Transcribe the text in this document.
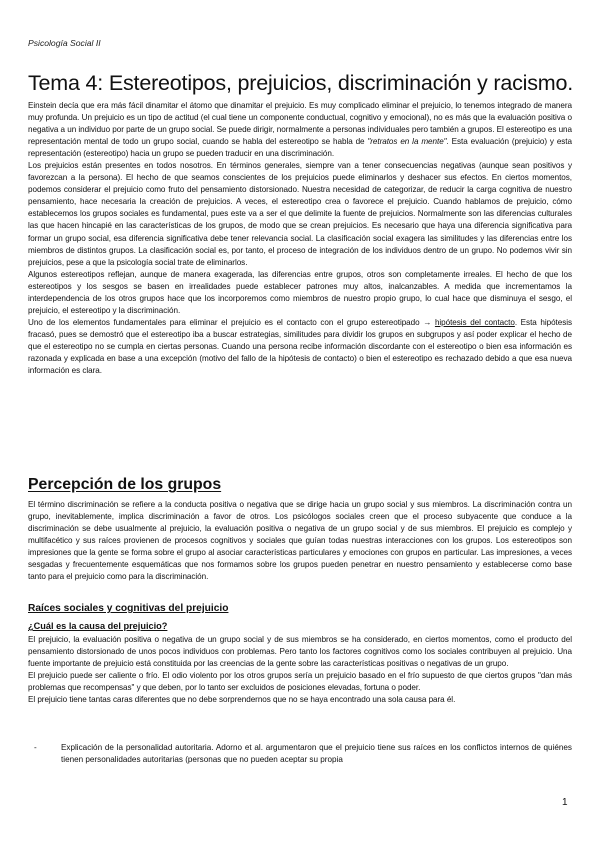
Psicología Social II
Tema 4: Estereotipos, prejuicios, discriminación y racismo.

Einstein decía que era más fácil dinamitar el átomo que dinamitar el prejuicio. Es muy complicado eliminar el prejuicio, lo tenemos integrado de manera muy profunda. Un prejuicio es un tipo de actitud (el cual tiene un componente conductual, cognitivo y emocional), no es más que la evaluación positiva o negativa a un individuo por parte de un grupo social. Se puede dirigir, normalmente a personas individuales pero también a grupos. El estereotipo es una representación mental de todo un grupo social, cuando se habla del estereotipo se habla de "retratos en la mente". Esta evaluación (prejuicio) y esta representación (estereotipo) hacia un grupo se pueden traducir en una discriminación.

Los prejuicios están presentes en todos nosotros. En términos generales, siempre van a tener consecuencias negativas (aunque sean positivos y favorezcan a la persona). El hecho de que seamos conscientes de los prejuicios puede eliminarlos y deshacer sus efectos. En ciertos momentos, podemos considerar el prejuicio como fruto del pensamiento distorsionado. Nuestra necesidad de categorizar, de reducir la carga cognitiva de nuestro pensamiento, hace necesaria la creación de prejuicios. A veces, el estereotipo crea o favorece el prejuicio. Cuando hablamos de prejuicio, cómo establecemos los grupos sociales es fundamental, pues este va a ser el que delimite la fuente de prejuicios. Normalmente son las diferencias culturales las que hacen hincapié en las características de los grupos, de modo que se crean prejuicios. Es necesario que haya una diferencia significativa para formar un grupo social, esa diferencia significativa debe tener relevancia social. La clasificación social exagera las similitudes y las diferencias entre los miembros de distintos grupos. La clasificación social es, por tanto, el proceso de integración de los individuos dentro de un grupo. No podemos vivir sin prejuicios, pese a que la psicología social trate de eliminarlos.

Algunos estereotipos reflejan, aunque de manera exagerada, las diferencias entre grupos, otros son completamente irreales. El hecho de que los estereotipos y los sesgos se basen en irrealidades puede establecer patrones muy altos, inalcanzables. A medida que incrementamos la interdependencia de los otros grupos hace que los incorporemos como miembros de nuestro propio grupo, lo cual hace que disminuya el sesgo, el prejuicio, el estereotipo y la discriminación.

Uno de los elementos fundamentales para eliminar el prejuicio es el contacto con el grupo estereotipado → hipótesis del contacto. Esta hipótesis fracasó, pues se demostró que el estereotipo iba a buscar estrategias, similitudes para dividir los grupos en subgrupos y así poder explicar el hecho de que el estereotipo no se cumpla en ciertas personas. Cuando una persona recibe información discordante con el estereotipo o bien esa información es razonada y explicada en base a una excepción (motivo del fallo de la hipótesis de contacto) o bien el estereotipo es rechazado debido a que esa nueva información es clara.

Percepción de los grupos
El término discriminación se refiere a la conducta positiva o negativa que se dirige hacia un grupo social y sus miembros. La discriminación contra un grupo, inevitablemente, implica discriminación a favor de otros. Los psicólogos sociales creen que el proceso subyacente que conduce a la discriminación se debe usualmente al prejuicio, la evaluación positiva o negativa de un grupo social y de sus miembros. El prejuicio es complejo y multifacético y sus raíces provienen de procesos cognitivos y sociales que guían todas nuestras interacciones con los grupos. Los estereotipos son impresiones que la gente se forma sobre el grupo al asociar características particulares y emociones con grupos en particular. Las impresiones, a veces sesgadas y frecuentemente esquemáticas que nos formamos sobre los grupos pueden penetrar en nuestro pensamiento y establecerse como base tanto para el prejuicio como para la discriminación.
Raíces sociales y cognitivas del prejuicio
¿Cuál es la causa del prejuicio?

El prejuicio, la evaluación positiva o negativa de un grupo social y de sus miembros se ha considerado, en ciertos momentos, como el producto del pensamiento distorsionado de unos pocos individuos con problemas. Pero tanto los factores cognitivos como los sociales contribuyen al prejuicio. Una fuente importante de prejuicio está constituida por las creencias de la gente sobre las características positivas o negativas de un grupo.

El prejuicio puede ser caliente o frío. El odio violento por los otros grupos sería un prejuicio basado en el frío supuesto de que ciertos grupos "dan más problemas que recompensas" y que deben, por lo tanto ser excluidos de posiciones elevadas, fortuna o poder.

El prejuicio tiene tantas caras diferentes que no debe sorprendernos que no se haya encontrado una sola causa para él.

-	Explicación de la personalidad autoritaria. Adorno et al. argumentaron que el prejuicio tiene sus raíces en los conflictos internos de quiénes tienen personalidades autoritarias (personas que no pueden aceptar su propia
1
